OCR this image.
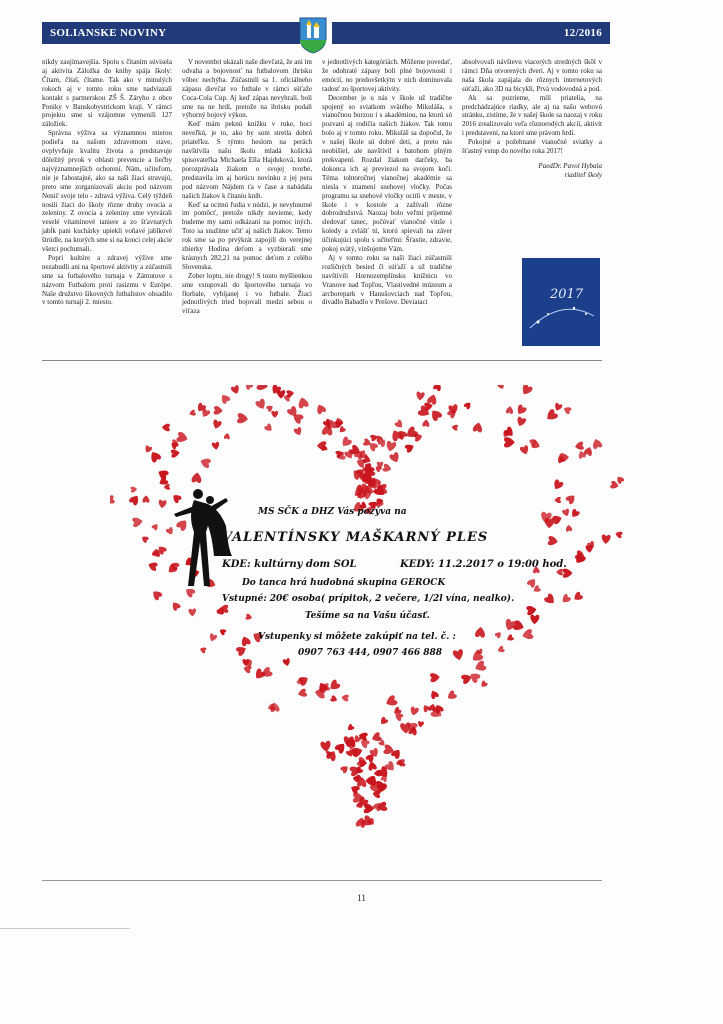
SOLIANSKE NOVINY	12/2016

nikdy zaujímavejšia. Spolu s čítaním súvisela aj aktivita Záložka do knihy spája školy: Čítam, čítaš, čítame. Tak ako v minulých rokoch aj v tomto roku sme nadviazali kontakt s partnerskou ZŠ Š. Záryho z obce Poniky v Banskobystrickom kraji. V rámci projektu sme si vzájomne vymenili 127 záložiek.

Správna výživa sa významnou mierou podieľa na našom zdravotnom stave, ovplyvňuje kvalitu života a predstavuje dôležitý prvok v oblasti prevencie a liečby najvýznamnejších ochorení. Nám, učiteľom, nie je ľahostajné, ako sa naši žiaci stravujú, preto sme zorganizovali akciu pod názvom Nenič svoje telo - zdravá výživa. Celý týždeň nosili žiaci do školy rôzne druhy ovocia a zeleniny. Z ovocia a zeleniny sme vytvárali veselé vitamínové taniere a zo šťavnatých jabĺk pani kuchárky upiekli voňavé jablkové štrúdle, na ktorých sme si na konci celej akcie všetci pochutnali.

Popri kultúre a zdravej výžive sme nezabudli ani na športové aktivity a zúčastnili sme sa futbalového turnaja v Zámutove s názvom Futbalom proti rasizmu v Európe. Naše družstvo šikovných futbalistov obsadilo v tomto turnaji 2. miesto.

V novembri ukázali naše dievčatá, že ani im odvaha a bojovnosť na futbalovom ihrisku vôbec nechýba. Zúčastnili sa 1. oficiálneho zápasu dievčat vo futbale v rámci súťaže Coca-Cola Cup. Aj keď zápas nevyhrali, boli sme na ne hrdí, pretože na ihrisku podali výborný bojový výkon.

Keď mám peknú knižku v ruke, hoci neveľkú, je to, ako by som stretla dobrú priateľku. S týmto heslom na perách navštívila našu školu mladá košická spisovateľka Michaela Ella Hajduková, ktorá porozprávala žiakom o svojej tvorbe, predstavila im aj horúcu novinku z jej pera pod názvom Nájdem ťa v čase a nabádala našich žiakov k čítaniu kníh.

Keď sa ocitnú ľudia v núdzi, je nevyhnutné im pomôcť, pretože nikdy nevieme, kedy budeme my sami odkázaní na pomoc iných. Toto sa snažíme učiť aj našich žiakov. Tento rok sme sa po prvýkrát zapojili do verejnej zbierky Hodina deťom a vyzbierali sme krásnych 282,21 na pomoc deťom z celého Slovenska.

Zober loptu, nie drogy! S touto myšlienkou sme vstupovali do športového turnaja vo florbale, vybíjanej i vo futbale. Žiaci jednotlivých tried bojovali medzi sebou o víťaza

v jednotlivých kategóriách. Môžeme povedať, že odohraté zápasy boli plné bojovnosti i emócií, no predovšetkým v nich dominovala radosť zo športovej aktivity.

December je u nás v škole už tradične spojený so sviatkom svätého Mikuláša, s vianočnou burzou i s akadémiou, na ktorú sú pozvaní aj rodičia našich žiakov. Tak tomu bolo aj v tomto roku. Mikuláš sa dopočul, že v našej škole sú dobré deti, a preto nás neobišiel, ale navštívil s batohom plným prekvapení. Rozdal žiakom darčeky, ba dokonca ich aj previezol na svojom koči. Téma tohtoročnej vianočnej akadémie sa niesla v znamení snehovej vločky. Počas programu sa snehové vločky ocitli v meste, v škole i v kostole a zažívali rôzne dobrodružstvá. Naozaj bolo veľmi príjemné sledovať tanec, počúvať vianočné vinše i koledy a zvlášť tú, ktorú spievali na záver účinkujúci spolu s učiteľmi: Šťastie, zdravie, pokoj svätý, vinšujeme Vám.

Aj v tomto roku sa naši žiaci zúčastnili rozličných besied či súťaží a už tradične navštívili Hornozemplínsku knižnicu vo Vranove nad Topľou, Vlastivedné múzeum a arcborepark v Hanušovciach nad Topľou, divadlo Babadlo v Prešove. Deviataci

absolvovali návštevu viacerých stredných škôl v rámci Dňa otvorených dverí. Aj v tomto roku sa naša škola zapájala do rôznych internetových súťaží, ako 3D na bicykli, Prvá vodovodná a pod.

Ak sa pozrieme, milí priatelia, na predchádzajúce riadky, ale aj na našu webovú stránku, zistíme, že v našej škole sa naozaj v roku 2016 zrealizovalo veľa rôznorodých akcií, aktivít i predstavení, na ktoré sme právom hrdí.

Pokojné a požehnané vianočné sviatky a šťastný vstup do nového roka 2017!

PaedDr. Pavol Hybala

riaditeľ školy

2017
MS SČK a DHZ Vás pozýva na
VALENTÍNSKY MAŠKARNÝ PLES
KDE: kultúrny dom SOL	KEDY: 11.2.2017 o 19:00 hod.
Do tanca hrá hudobná skupina GEROCK
Vstupné: 20€ osoba( prípitok, 2 večere, 1/2l vína, nealko).
Tešíme sa na Vašu účasť.
Vstupenky si môžete zakúpiť na tel. č. :
0907 763 444, 0907 466 888
11
